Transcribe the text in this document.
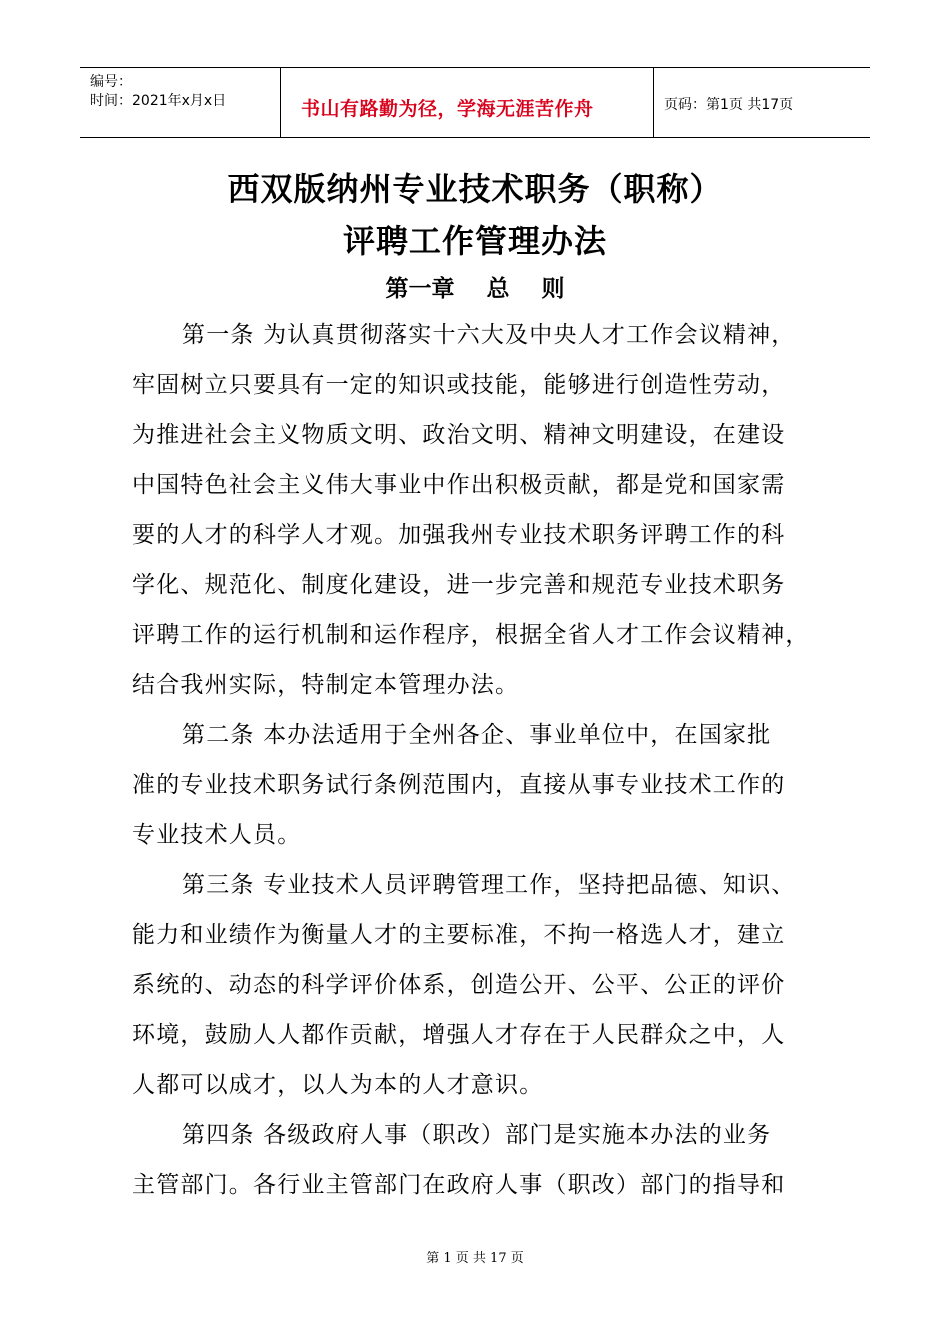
编号：
时间：2021年x月x日	书山有路勤为径，学海无涯苦作舟	页码：第1页 共17页
西双版纳州专业技术职务（职称）
评聘工作管理办法
第一章    总    则
第一条 为认真贯彻落实十六大及中央人才工作会议精神，
牢固树立只要具有一定的知识或技能，能够进行创造性劳动，
为推进社会主义物质文明、政治文明、精神文明建设，在建设
中国特色社会主义伟大事业中作出积极贡献，都是党和国家需
要的人才的科学人才观。加强我州专业技术职务评聘工作的科
学化、规范化、制度化建设，进一步完善和规范专业技术职务
评聘工作的运行机制和运作程序，根据全省人才工作会议精神，
结合我州实际，特制定本管理办法。
第二条 本办法适用于全州各企、事业单位中，在国家批
准的专业技术职务试行条例范围内，直接从事专业技术工作的
专业技术人员。
第三条 专业技术人员评聘管理工作，坚持把品德、知识、
能力和业绩作为衡量人才的主要标准，不拘一格选人才，建立
系统的、动态的科学评价体系，创造公开、公平、公正的评价
环境，鼓励人人都作贡献，增强人才存在于人民群众之中，人
人都可以成才，以人为本的人才意识。
第四条 各级政府人事（职改）部门是实施本办法的业务
主管部门。各行业主管部门在政府人事（职改）部门的指导和
第 1 页 共 17 页
